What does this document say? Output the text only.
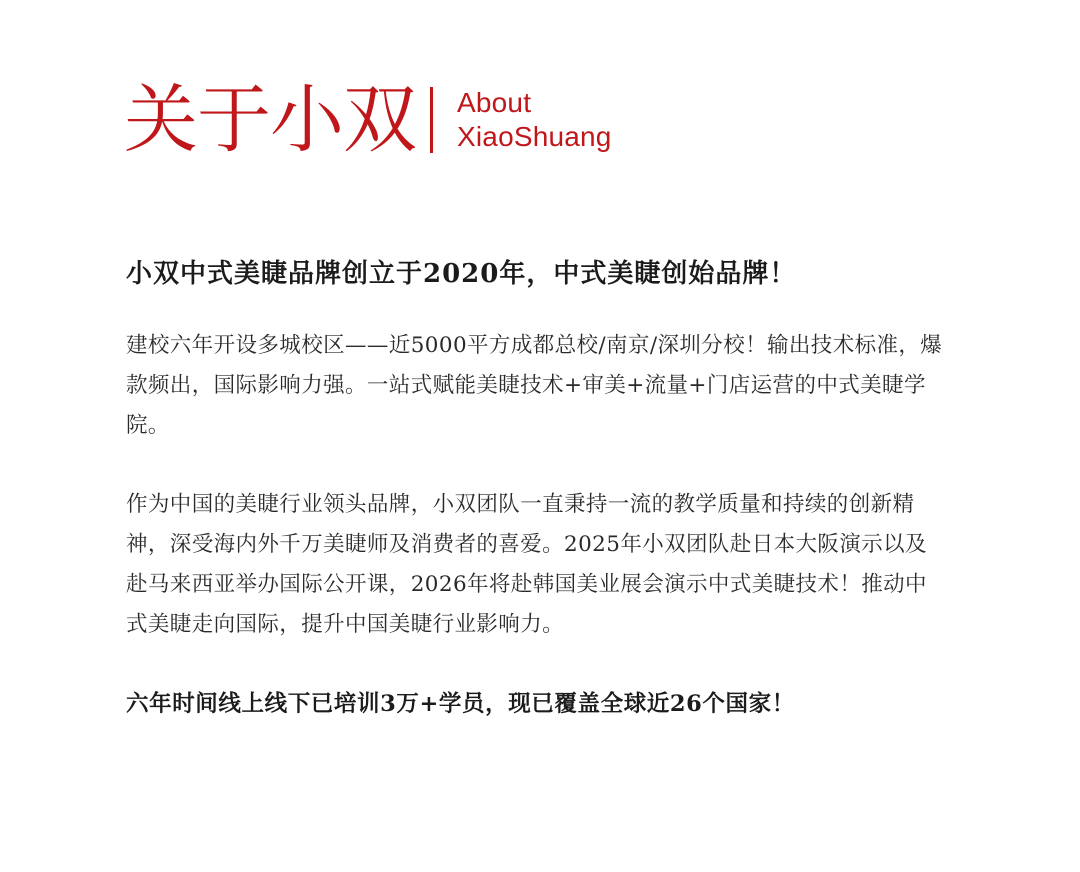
关于小双 About
XiaoShuang

小双中式美睫品牌创立于2020年，中式美睫创始品牌！

建校六年开设多城校区——近5000平方成都总校/南京/深圳分校！输出技术标准，爆款频出，国际影响力强。一站式赋能美睫技术+审美+流量+门店运营的中式美睫学院。

作为中国的美睫行业领头品牌，小双团队一直秉持一流的教学质量和持续的创新精神，深受海内外千万美睫师及消费者的喜爱。2025年小双团队赴日本大阪演示以及赴马来西亚举办国际公开课，2026年将赴韩国美业展会演示中式美睫技术！推动中式美睫走向国际，提升中国美睫行业影响力。

六年时间线上线下已培训3万+学员，现已覆盖全球近26个国家！
